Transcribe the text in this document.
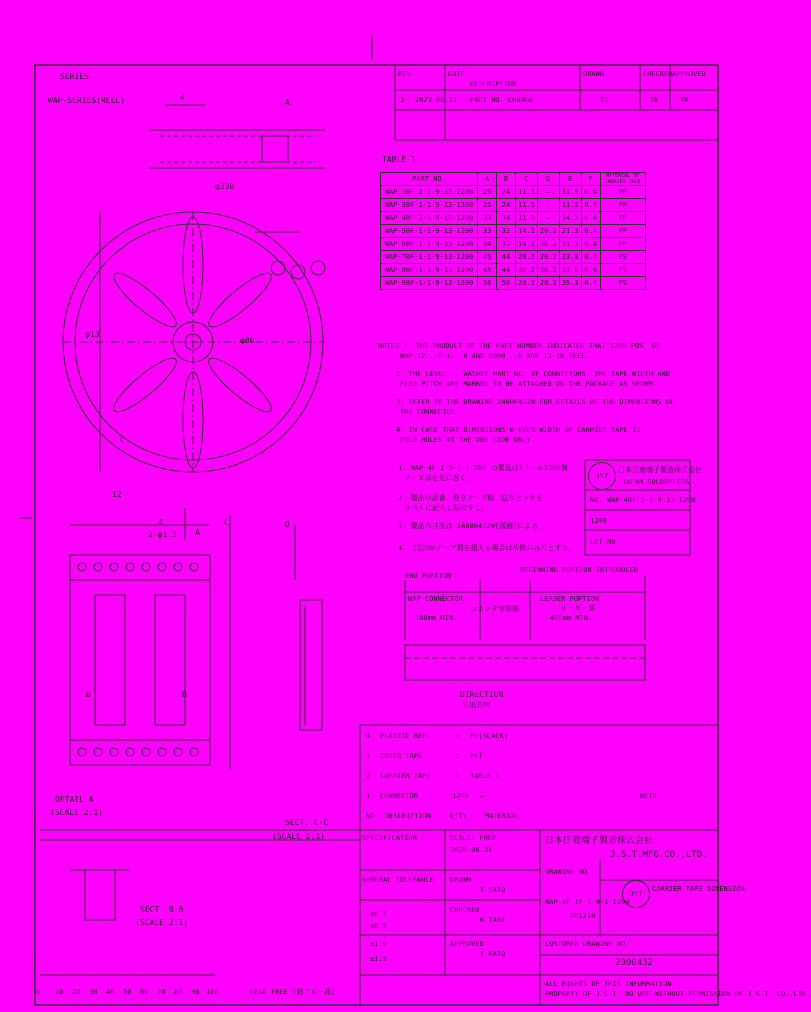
SERIES
WAP-SERIES(REEL)
REV.	DATE
DESCRIPTION
DRAWN	CHECKED APPROVED
1 2023.08.21 PART NO. CHANGE	TS	TK	YK
TABLE 1
PART NO.	A	B	C	D	E	F	MATERIAL OF CARRIER TAPE
WAP-20F-1-1-9-13-1200	25	24	11.5	—	11.5	0.4	PP
WAP-30F-1-1-9-13-1200	25	24	11.5	—	11.5	0.4	PP
WAP-40F-1-1-9-13-1200	33	34	11.5	—	14.2	0.4	PP
WAP-50F-1-1-9-13-1200	33	32	14.2	20.2	21.3	0.4	PP
WAP-60F-1-1-9-13-1200	34	32	14.2	28.2	21.3	0.4	PP
WAP-70F-1-1-9-13-1200	45	44	20.2	20.2	23.8	0.4	PS
WAP-80F-1-1-9-13-1200	45	44	20.2	28.2	23.8	0.4	PS
WAP-90F-1-1-9-13-1200	58	56	28.2	28.2	35.3	0.4	PS
NOTES 1. THE PRODUCT OF THE PART NUMBER INDICATED THAT 1200 POS. OF
WAP-12...F-1...0 AND 0000...0 ARE 13 IN REEL.
2. THE LEVEL... WASHED PART NO. OF CONNECTORS, THE TAPE WIDTH AND
FEED PITCH ARE MARKED TO BE ATTACHED ON THE PACKAGE AS SHOWN.
3. REFER TO THE DRAWING 2A000432W FOR DETAILS OF THE DIMENSIONS OF
THE CONNECTOR.
4. IN CASE THAT DIMENSIONS B OVER WIDTH OF CARRIER TAPE IS
FOLD HOLES AT THE ONE SIDE ONLY.
1. WAP-4F-1-9-1-1-200 の製品は1リール1200個
ノーズ部を先に巻く。
2. 製品の品番、巻きテープ幅、送りピッチを
ラベルに記入し貼付する。
3. 製品の寸法は 2A000432W(図面)による。
4. 寸法Bがテープ幅を超える場合は片側のみ穴とする。
JST
日本圧着端子製造株式会社
JAPAN SOLDERLESS
NO. WAP-40F-1-1-9-13-1200
1200
LOT NO.
A
2
φ330
φ13
φ80
C
12
4
2-φ1.5
DETAIL A
(SCALE 2:1)
SECT. C-C
(SCALE 2:1)
SECT. B-B
(SCALE 2:1)
END PORTION
WAP CONNECTOR
コネクタ実装部
LEADER PORTION
160mm MIN.	400mm MIN.
リーダー部
BEGINNING PORTION INTRODUCED
DIRECTION
引出方向
4 PLASTIC REEL	1 PS(BLACK)
3 COVER TAPE	1 PET
2 CARRIER TAPE	1 TABLE 1
1 CONNECTOR	1200 —
NO. DESCRIPTION	Q'TY	MATERIAL
NOTE
SPECIFICATION	SCALE: FREE
2020.06.21
日本圧着端子製造株式会社
J.S.T.MFG.CO.,LTD.
JST
CARRIER TAPE DIMENSION
DRAWING NO.
WAP-xF-1F-1-9-1-1200
FR1210
CUSTOMER DRAWING NO.
2000432
ALL RIGHTS OF THIS INFORMATION
PROPERTY OF J.S.T. NO USE WITHOUT PERMISSION OF J.S.T. CO.,LTD.
GENERAL TOLERANCE
±0.3
±0.5
±1.0
±1.5
DRAWN
T.SATO
CHECKED
K.TAKE
APPROVED
Y.KATO
LEAD FREE (鉛フリー品)
0 10 20 30 40 50 60 70 80 90 100
B	B
C	D
A
